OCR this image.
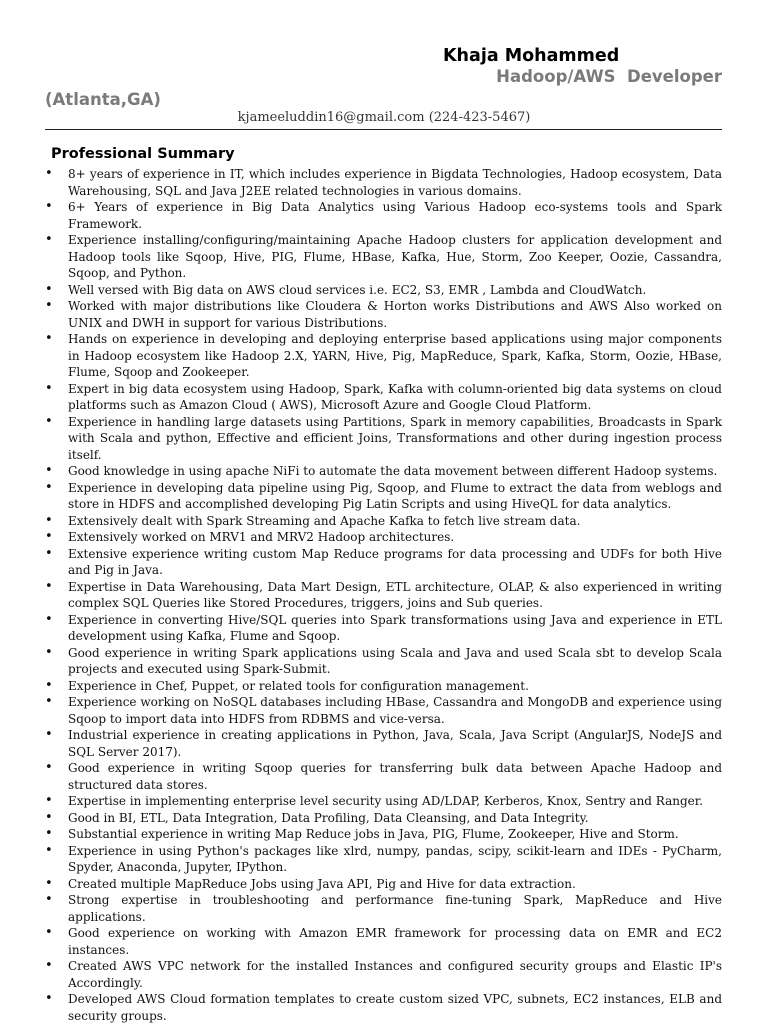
Khaja Mohammed
Hadoop/AWS  Developer
(Atlanta,GA)
kjameeluddin16@gmail.com (224-423-5467)
Professional Summary
• 8+ years of experience in IT, which includes experience in Bigdata Technologies, Hadoop ecosystem, Data Warehousing, SQL and Java J2EE related technologies in various domains.
• 6+ Years of experience in Big Data Analytics using Various Hadoop eco-systems tools and Spark Framework.
• Experience installing/configuring/maintaining Apache Hadoop clusters for application development and Hadoop tools like Sqoop, Hive, PIG, Flume, HBase, Kafka, Hue, Storm, Zoo Keeper, Oozie, Cassandra, Sqoop, and Python.
• Well versed with Big data on AWS cloud services i.e. EC2, S3, EMR , Lambda and CloudWatch.
• Worked with major distributions like Cloudera & Horton works Distributions and AWS Also worked on UNIX and DWH in support for various Distributions.
• Hands on experience in developing and deploying enterprise based applications using major components in Hadoop ecosystem like Hadoop 2.X, YARN, Hive, Pig, MapReduce, Spark, Kafka, Storm, Oozie, HBase, Flume, Sqoop and Zookeeper.
• Expert in big data ecosystem using Hadoop, Spark, Kafka with column-oriented big data systems on cloud platforms such as Amazon Cloud ( AWS), Microsoft Azure and Google Cloud Platform.
• Experience in handling large datasets using Partitions, Spark in memory capabilities, Broadcasts in Spark with Scala and python, Effective and efficient Joins, Transformations and other during ingestion process itself.
• Good knowledge in using apache NiFi to automate the data movement between different Hadoop systems.
• Experience in developing data pipeline using Pig, Sqoop, and Flume to extract the data from weblogs and store in HDFS and accomplished developing Pig Latin Scripts and using HiveQL for data analytics.
• Extensively dealt with Spark Streaming and Apache Kafka to fetch live stream data.
• Extensively worked on MRV1 and MRV2 Hadoop architectures.
• Extensive experience writing custom Map Reduce programs for data processing and UDFs for both Hive and Pig in Java.
• Expertise in Data Warehousing, Data Mart Design, ETL architecture, OLAP, & also experienced in writing complex SQL Queries like Stored Procedures, triggers, joins and Sub queries.
• Experience in converting Hive/SQL queries into Spark transformations using Java and experience in ETL development using Kafka, Flume and Sqoop.
• Good experience in writing Spark applications using Scala and Java and used Scala sbt to develop Scala projects and executed using Spark-Submit.
• Experience in Chef, Puppet, or related tools for configuration management.
• Experience working on NoSQL databases including HBase, Cassandra and MongoDB and experience using Sqoop to import data into HDFS from RDBMS and vice-versa.
• Industrial experience in creating applications in Python, Java, Scala, Java Script (AngularJS, NodeJS and SQL Server 2017).
• Good experience in writing Sqoop queries for transferring bulk data between Apache Hadoop and structured data stores.
• Expertise in implementing enterprise level security using AD/LDAP, Kerberos, Knox, Sentry and Ranger.
• Good in BI, ETL, Data Integration, Data Profiling, Data Cleansing, and Data Integrity.
• Substantial experience in writing Map Reduce jobs in Java, PIG, Flume, Zookeeper, Hive and Storm.
• Experience in using Python's packages like xlrd, numpy, pandas, scipy, scikit-learn and IDEs - PyCharm, Spyder, Anaconda, Jupyter, IPython.
• Created multiple MapReduce Jobs using Java API, Pig and Hive for data extraction.
• Strong expertise in troubleshooting and performance fine-tuning Spark, MapReduce and Hive applications.
• Good experience on working with Amazon EMR framework for processing data on EMR and EC2 instances.
• Created AWS VPC network for the installed Instances and configured security groups and Elastic IP's Accordingly.
• Developed AWS Cloud formation templates to create custom sized VPC, subnets, EC2 instances, ELB and security groups.
